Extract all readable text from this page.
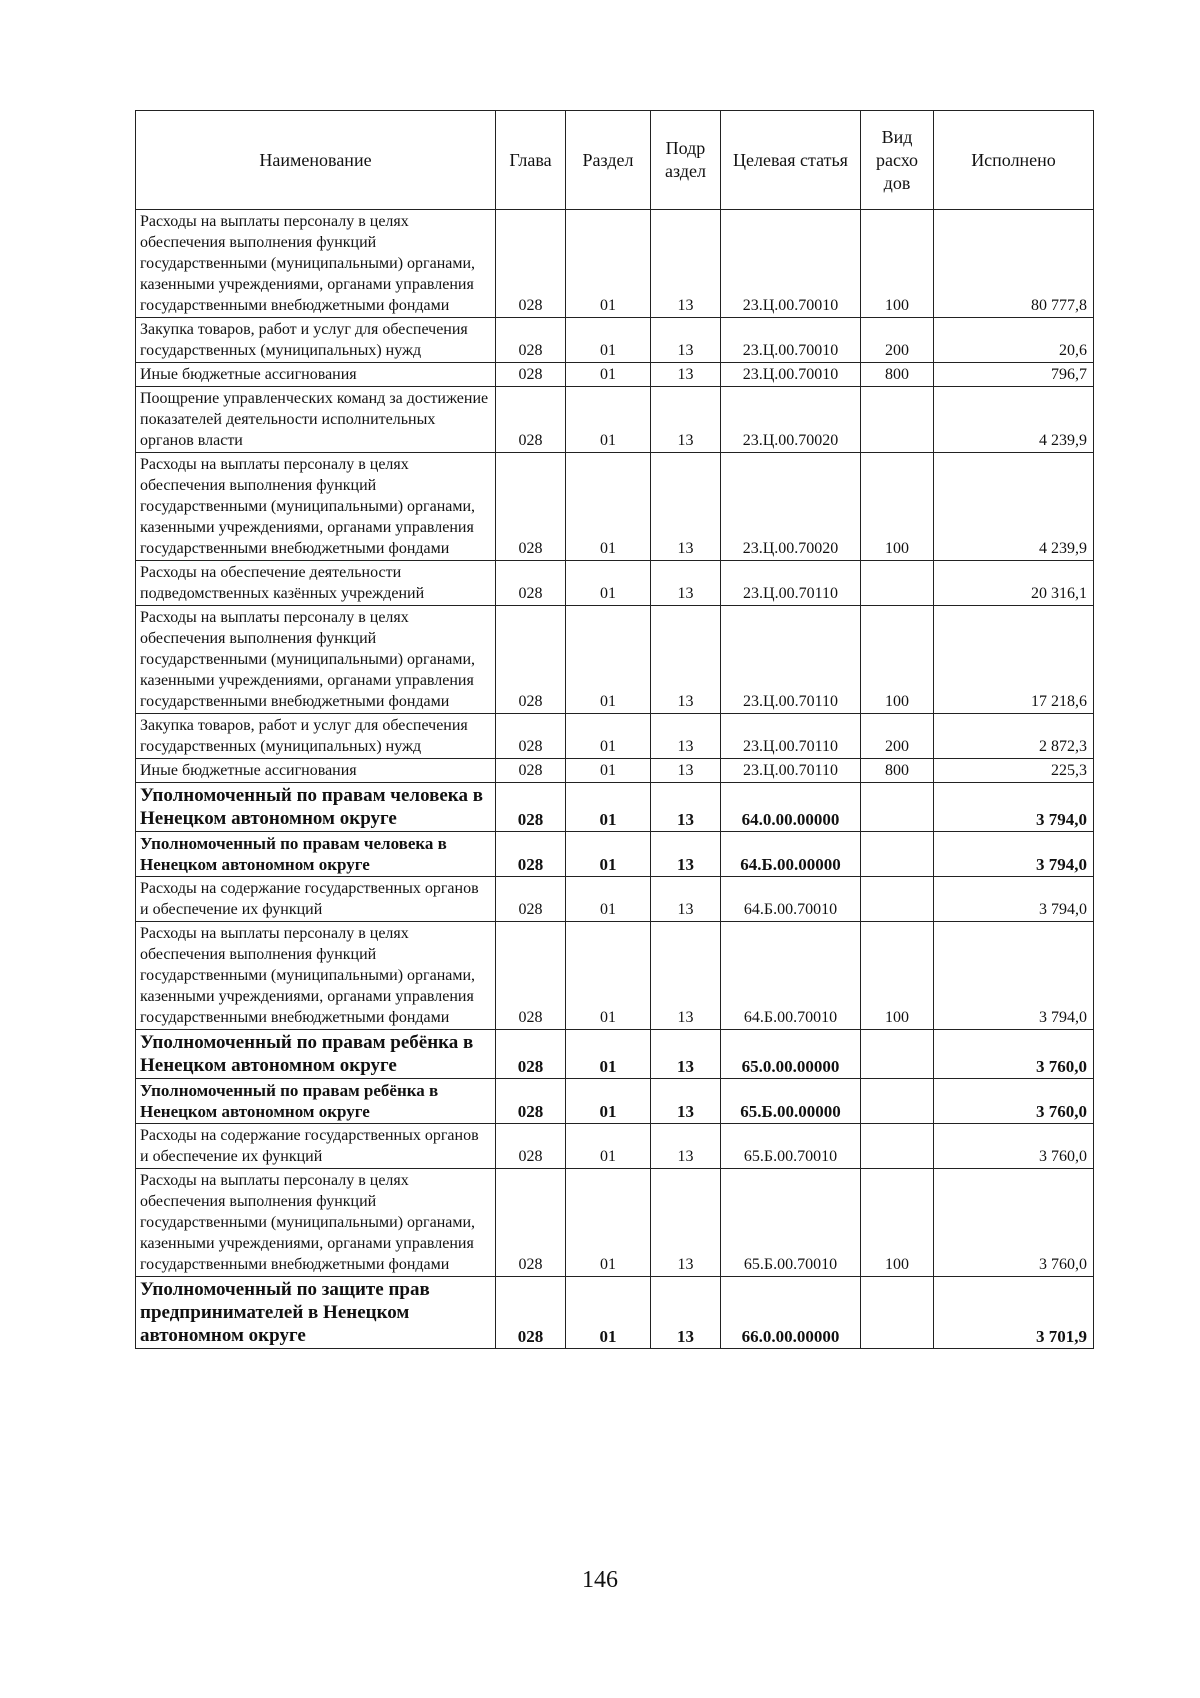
Наименование	Глава	Раздел	Подр аздел	Целевая статья	Вид расхо дов	Исполнено
Расходы на выплаты персоналу в целях обеспечения выполнения функций государственными (муниципальными) органами, казенными учреждениями, органами управления государственными внебюджетными фондами	028	01	13	23.Ц.00.70010	100	80 777,8
Закупка товаров, работ и услуг для обеспечения государственных (муниципальных) нужд	028	01	13	23.Ц.00.70010	200	20,6
Иные бюджетные ассигнования	028	01	13	23.Ц.00.70010	800	796,7
Поощрение управленческих команд за достижение показателей деятельности исполнительных органов власти	028	01	13	23.Ц.00.70020		4 239,9
Расходы на выплаты персоналу в целях обеспечения выполнения функций государственными (муниципальными) органами, казенными учреждениями, органами управления государственными внебюджетными фондами	028	01	13	23.Ц.00.70020	100	4 239,9
Расходы на обеспечение деятельности подведомственных казённых учреждений	028	01	13	23.Ц.00.70110		20 316,1
Расходы на выплаты персоналу в целях обеспечения выполнения функций государственными (муниципальными) органами, казенными учреждениями, органами управления государственными внебюджетными фондами	028	01	13	23.Ц.00.70110	100	17 218,6
Закупка товаров, работ и услуг для обеспечения государственных (муниципальных) нужд	028	01	13	23.Ц.00.70110	200	2 872,3
Иные бюджетные ассигнования	028	01	13	23.Ц.00.70110	800	225,3
Уполномоченный по правам человека в Ненецком автономном округе	028	01	13	64.0.00.00000		3 794,0
Уполномоченный по правам человека в Ненецком автономном округе	028	01	13	64.Б.00.00000		3 794,0
Расходы на содержание государственных органов и обеспечение их функций	028	01	13	64.Б.00.70010		3 794,0
Расходы на выплаты персоналу в целях обеспечения выполнения функций государственными (муниципальными) органами, казенными учреждениями, органами управления государственными внебюджетными фондами	028	01	13	64.Б.00.70010	100	3 794,0
Уполномоченный по правам ребёнка в Ненецком автономном округе	028	01	13	65.0.00.00000		3 760,0
Уполномоченный по правам ребёнка в Ненецком автономном округе	028	01	13	65.Б.00.00000		3 760,0
Расходы на содержание государственных органов и обеспечение их функций	028	01	13	65.Б.00.70010		3 760,0
Расходы на выплаты персоналу в целях обеспечения выполнения функций государственными (муниципальными) органами, казенными учреждениями, органами управления государственными внебюджетными фондами	028	01	13	65.Б.00.70010	100	3 760,0
Уполномоченный по защите прав предпринимателей в Ненецком автономном округе	028	01	13	66.0.00.00000		3 701,9
146
